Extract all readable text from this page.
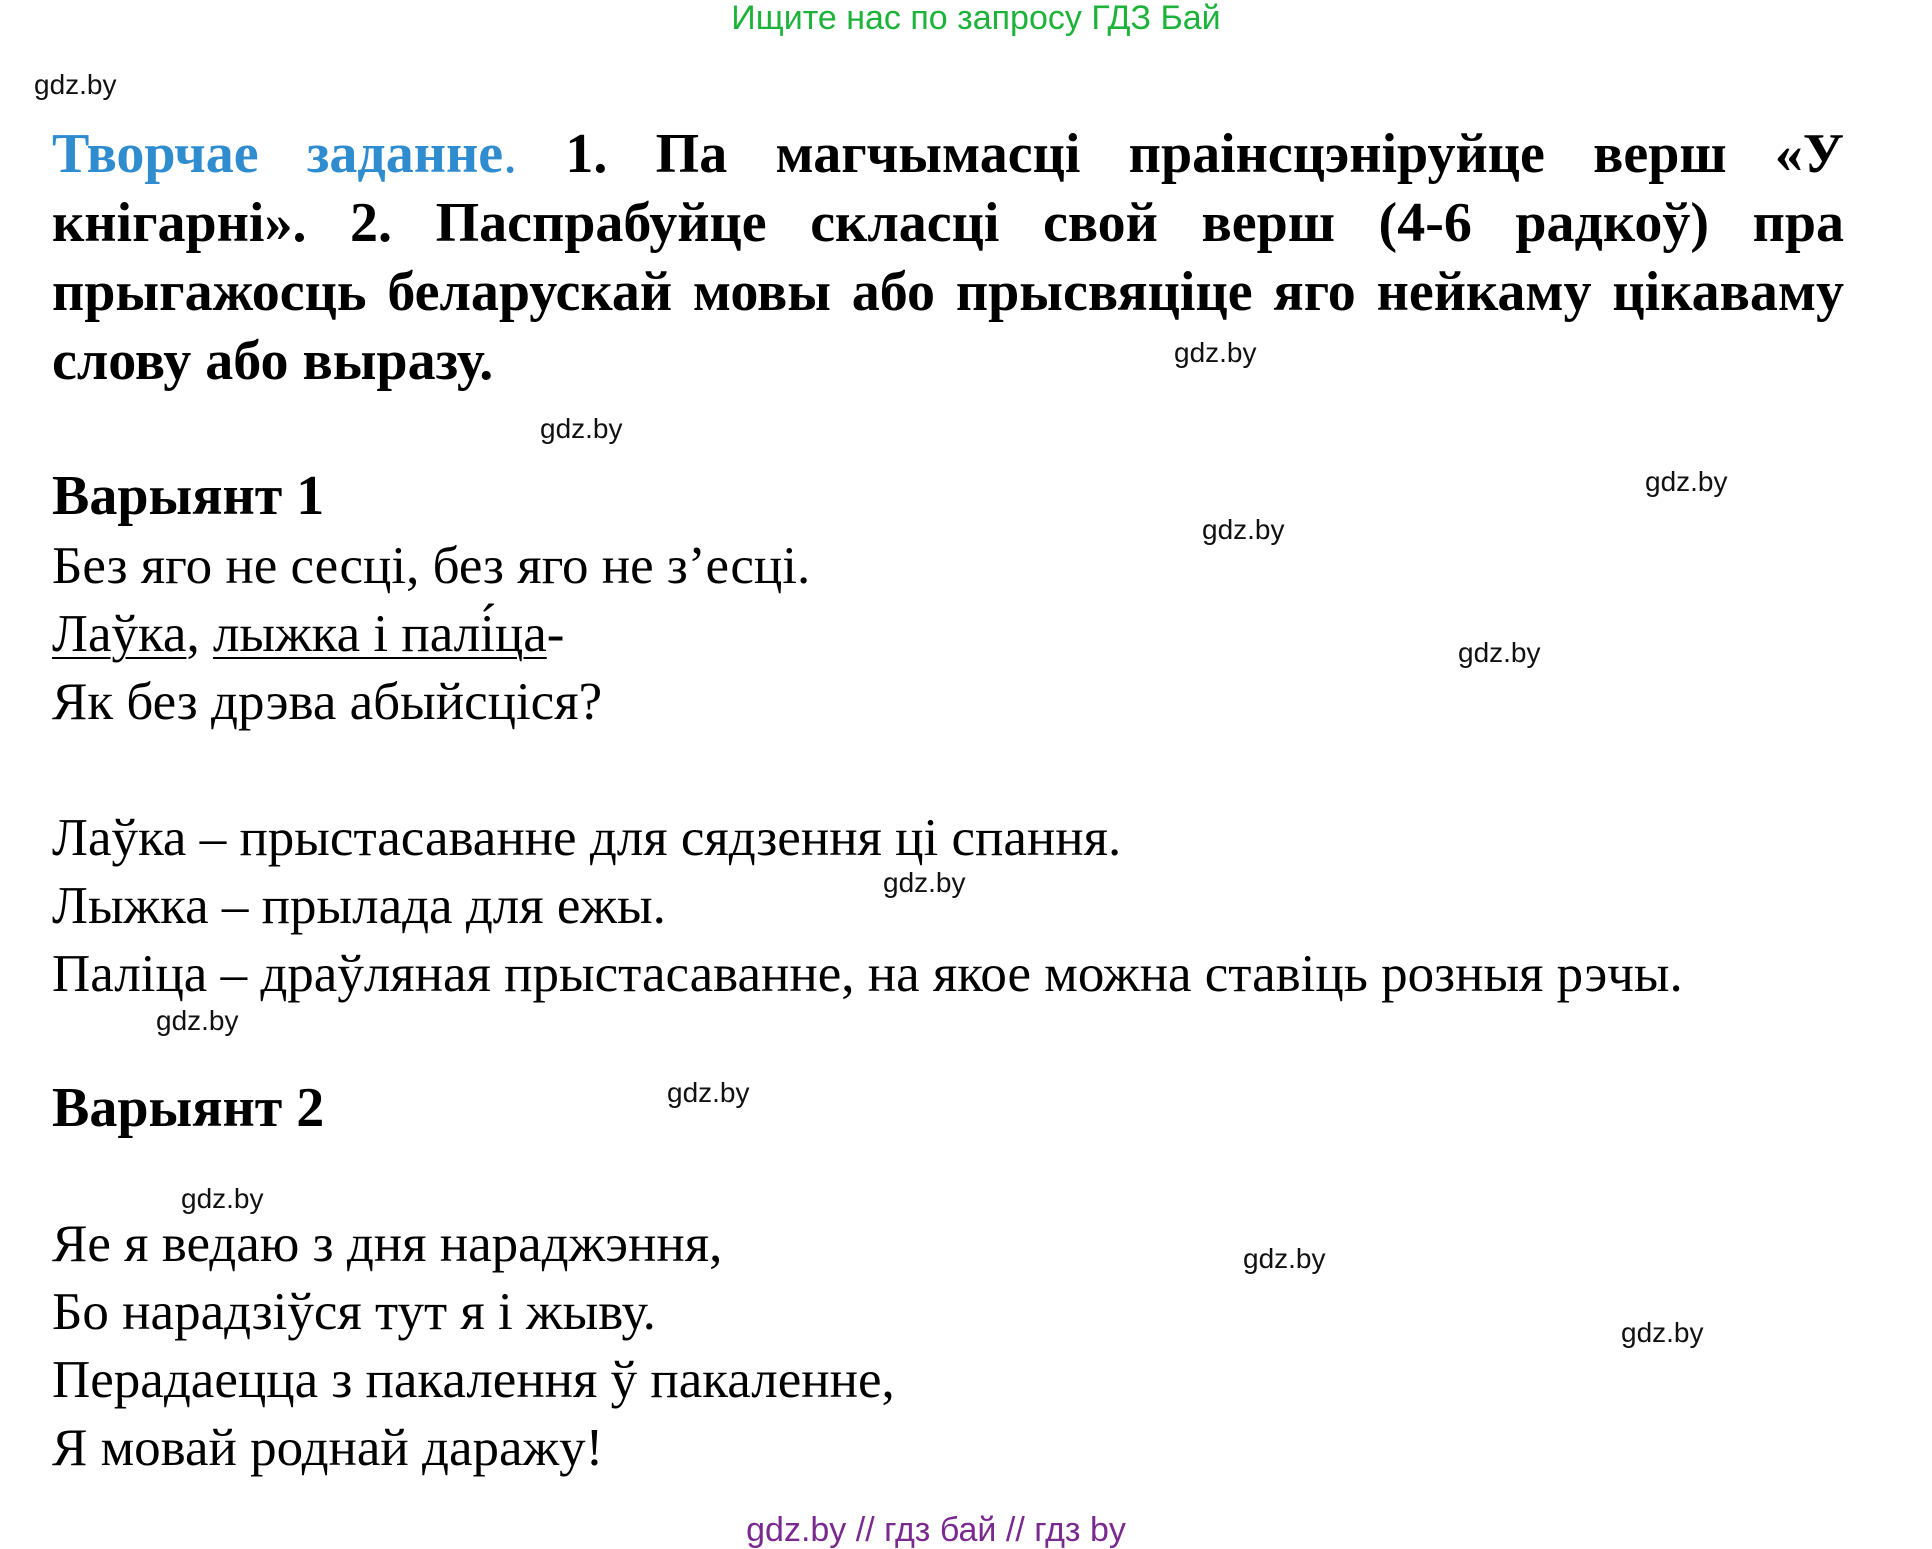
Ищите нас по запросу ГДЗ Бай
gdz.by
gdz.by
gdz.by
gdz.by
gdz.by
gdz.by
gdz.by
gdz.by
gdz.by
gdz.by
gdz.by
gdz.by
Творчае заданне. 1. Па магчымасці праінсцэніруйце верш «У кнігарні». 2. Паспрабуйце скласці свой верш (4-6 радкоў) пра прыгажосць беларускай мовы або прысвяціце яго нейкаму цікаваму слову або выразу.
Варыянт 1
Без яго не сесці, без яго не з’есці.
Лаўка, лыжка і палі́ца-
Як без дрэва абыйсціся?
Лаўка – прыстасаванне для сядзення ці спання.
Лыжка – прылада для ежы.
Паліца – драўляная прыстасаванне, на якое можна ставіць розныя рэчы.
Варыянт 2
Яе я ведаю з дня нараджэння,
Бо нарадзіўся тут я і жыву.
Перадаецца з пакалення ў пакаленне,
Я мовай роднай даражу!
gdz.by // гдз бай // гдз by
